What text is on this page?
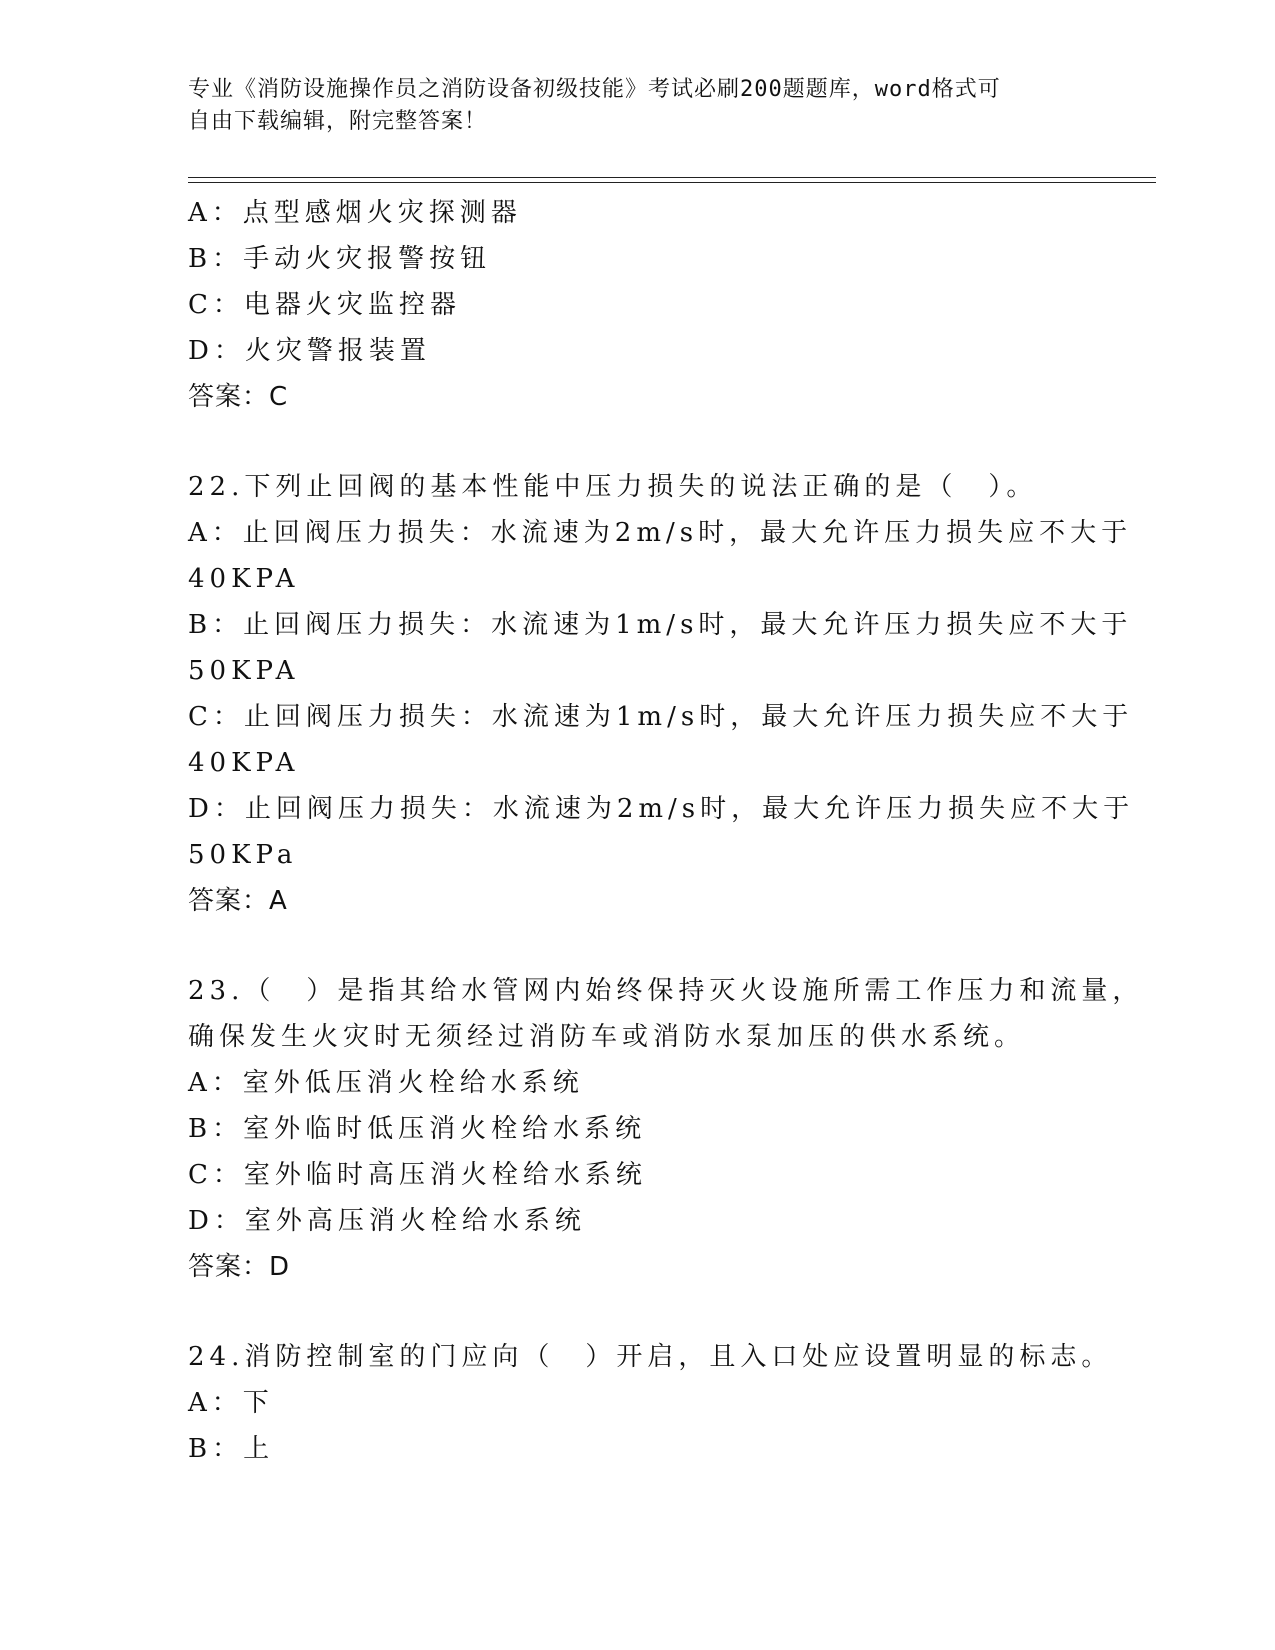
专业《消防设施操作员之消防设备初级技能》考试必刷200题题库，word格式可
自由下载编辑，附完整答案！
A：点型感烟火灾探测器
B：手动火灾报警按钮
C：电器火灾监控器
D：火灾警报装置
答案：C
22.下列止回阀的基本性能中压力损失的说法正确的是（　）。
A：止回阀压力损失：水流速为2m/s时，最大允许压力损失应不大于
40KPA
B：止回阀压力损失：水流速为1m/s时，最大允许压力损失应不大于
50KPA
C：止回阀压力损失：水流速为1m/s时，最大允许压力损失应不大于
40KPA
D：止回阀压力损失：水流速为2m/s时，最大允许压力损失应不大于
50KPa
答案：A
23.（　）是指其给水管网内始终保持灭火设施所需工作压力和流量，
确保发生火灾时无须经过消防车或消防水泵加压的供水系统。
A：室外低压消火栓给水系统
B：室外临时低压消火栓给水系统
C：室外临时高压消火栓给水系统
D：室外高压消火栓给水系统
答案：D
24.消防控制室的门应向（　）开启，且入口处应设置明显的标志。
A：下
B：上
